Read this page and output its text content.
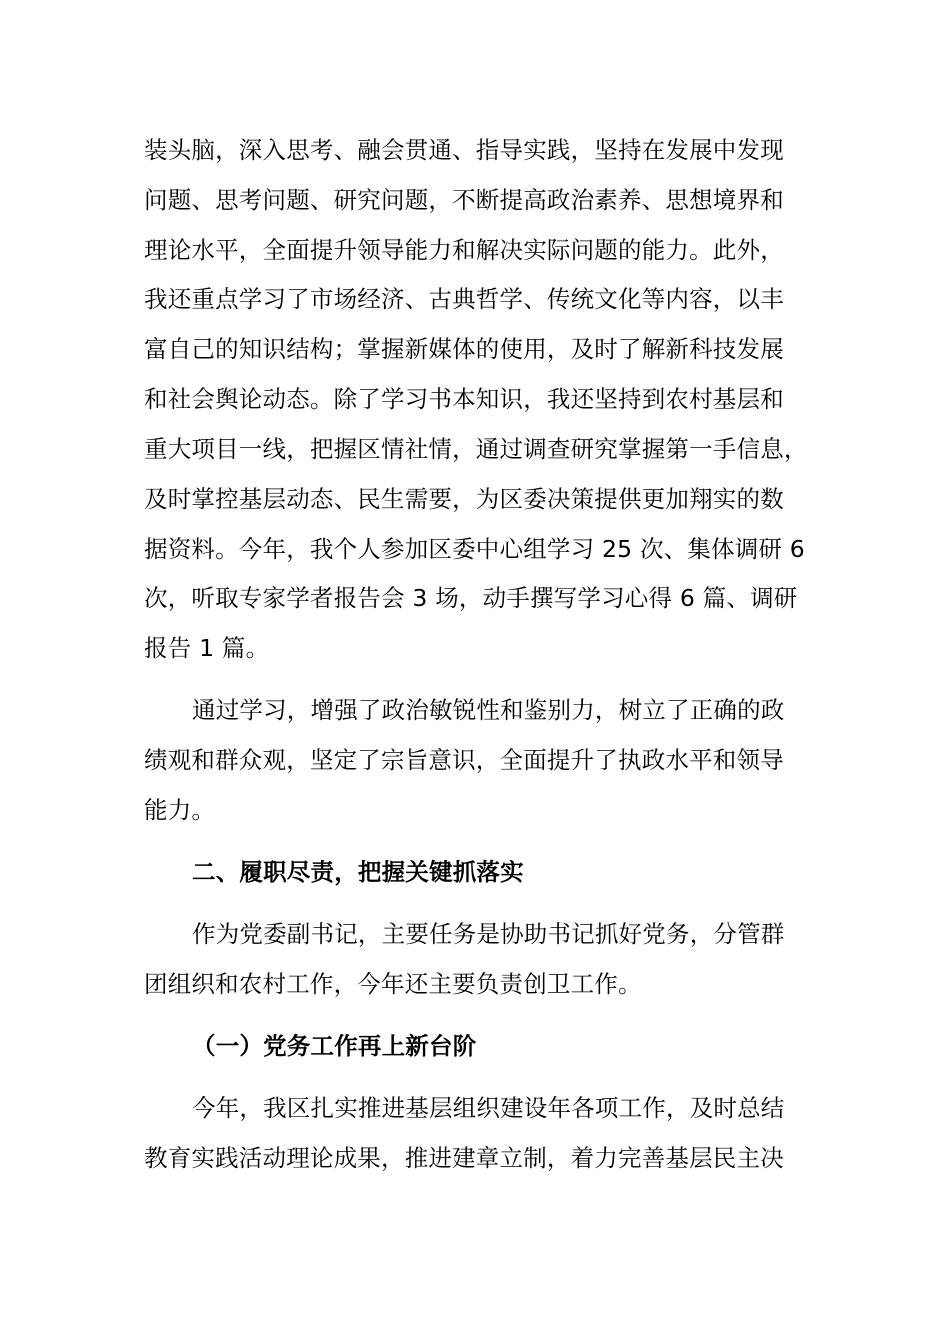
装头脑，深入思考、融会贯通、指导实践，坚持在发展中发现
问题、思考问题、研究问题，不断提高政治素养、思想境界和
理论水平，全面提升领导能力和解决实际问题的能力。此外，
我还重点学习了市场经济、古典哲学、传统文化等内容，以丰
富自己的知识结构；掌握新媒体的使用，及时了解新科技发展
和社会舆论动态。除了学习书本知识，我还坚持到农村基层和
重大项目一线，把握区情社情，通过调查研究掌握第一手信息，
及时掌控基层动态、民生需要，为区委决策提供更加翔实的数
据资料。今年，我个人参加区委中心组学习 25 次、集体调研 6
次，听取专家学者报告会 3 场，动手撰写学习心得 6 篇、调研
报告 1 篇。
通过学习，增强了政治敏锐性和鉴别力，树立了正确的政
绩观和群众观，坚定了宗旨意识，全面提升了执政水平和领导
能力。
二、履职尽责，把握关键抓落实
作为党委副书记，主要任务是协助书记抓好党务，分管群
团组织和农村工作，今年还主要负责创卫工作。
（一）党务工作再上新台阶
今年，我区扎实推进基层组织建设年各项工作，及时总结
教育实践活动理论成果，推进建章立制，着力完善基层民主决
